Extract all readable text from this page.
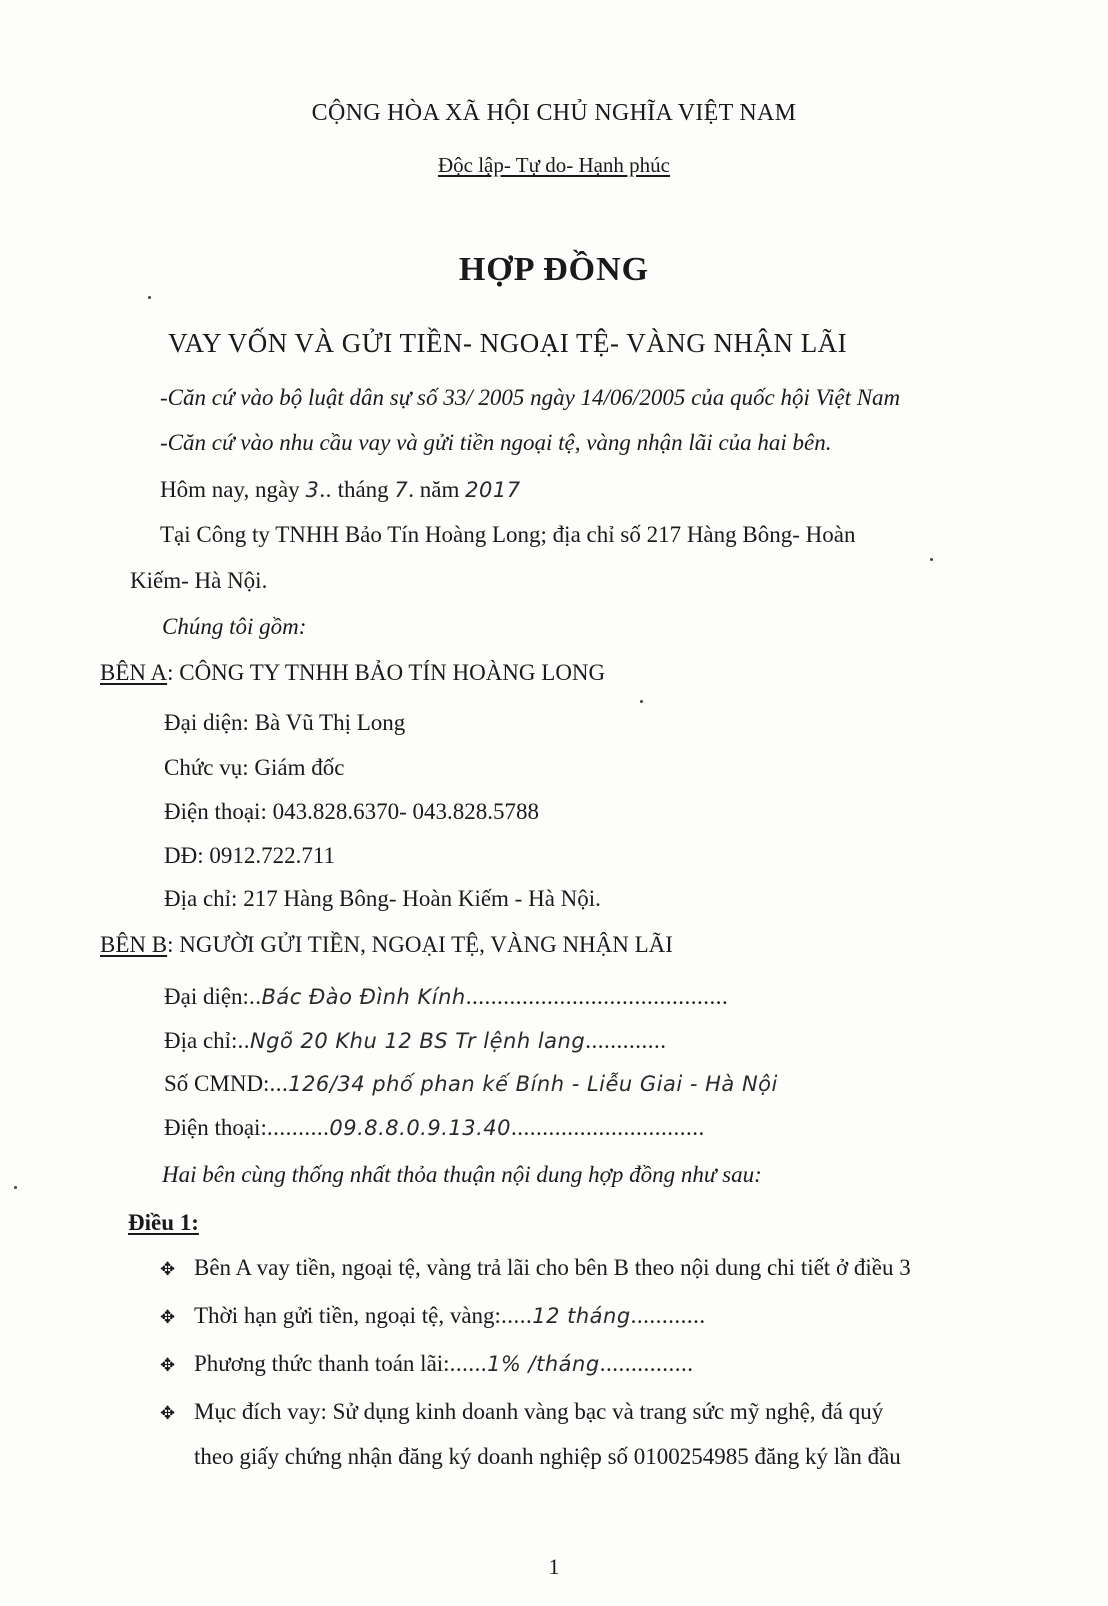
CỘNG HÒA XÃ HỘI CHỦ NGHĨA VIỆT NAM
Độc lập- Tự do- Hạnh phúc
HỢP ĐỒNG
VAY VỐN VÀ GỬI TIỀN- NGOẠI TỆ- VÀNG NHẬN LÃI
-Căn cứ vào bộ luật dân sự số 33/ 2005 ngày 14/06/2005 của quốc hội Việt Nam
-Căn cứ vào nhu cầu vay và gửi tiền ngoại tệ, vàng nhận lãi của hai bên.
Hôm nay, ngày 3.. tháng 7. năm 2017
Tại Công ty TNHH Bảo Tín Hoàng Long; địa chỉ số 217 Hàng Bông- Hoàn
Kiếm- Hà Nội.
Chúng tôi gồm:
BÊN A: CÔNG TY TNHH BẢO TÍN HOÀNG LONG
Đại diện: Bà Vũ Thị Long
Chức vụ: Giám đốc
Điện thoại: 043.828.6370- 043.828.5788
DĐ: 0912.722.711
Địa chỉ: 217 Hàng Bông- Hoàn Kiếm - Hà Nội.
BÊN B: NGƯỜI GỬI TIỀN, NGOẠI TỆ, VÀNG NHẬN LÃI
Đại diện:..Bác Đào Đình Kính..........................................
Địa chỉ:..Ngõ 20 Khu 12 BS Tr lệnh lang.............
Số CMND:...126/34 phố phan kế Bính - Liễu Giai - Hà Nội
Điện thoại:..........09.8.8.0.9.13.40...............................
Hai bên cùng thống nhất thỏa thuận nội dung hợp đồng như sau:
Điều 1:
✥ Bên A vay tiền, ngoại tệ, vàng trả lãi cho bên B theo nội dung chi tiết ở điều 3
✥ Thời hạn gửi tiền, ngoại tệ, vàng:.....12 tháng............
✥ Phương thức thanh toán lãi:......1% /tháng...............
✥ Mục đích vay: Sử dụng kinh doanh vàng bạc và trang sức mỹ nghệ, đá quý
theo giấy chứng nhận đăng ký doanh nghiệp số 0100254985 đăng ký lần đầu
1
